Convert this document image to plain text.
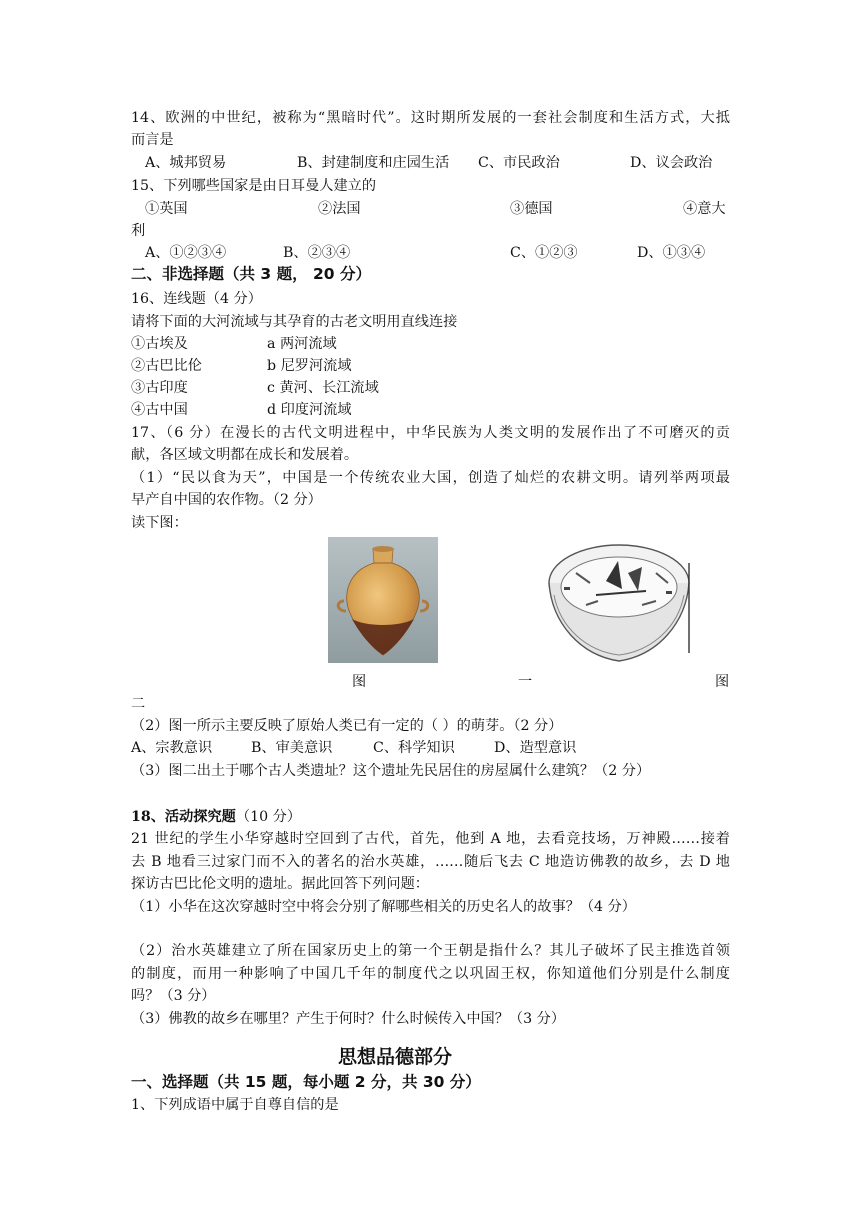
14、欧洲的中世纪，被称为“黑暗时代”。这时期所发展的一套社会制度和生活方式，大抵
而言是
A、城邦贸易	B、封建制度和庄园生活 C、市民政治	D、议会政治
15、下列哪些国家是由日耳曼人建立的
①英国	②法国	③德国	④意大
利
A、①②③④	B、②③④	C、①②③	D、①③④
二、非选择题（共 3 题， 20 分）
16、连线题（4 分）
请将下面的大河流域与其孕育的古老文明用直线连接
①古埃及	a 两河流域
②古巴比伦	b 尼罗河流域
③古印度	c 黄河、长江流域
④古中国	d 印度河流域
17、（6 分）在漫长的古代文明进程中，中华民族为人类文明的发展作出了不可磨灭的贡
献，各区域文明都在成长和发展着。
（1）“民以食为天”，中国是一个传统农业大国，创造了灿烂的农耕文明。请列举两项最
早产自中国的农作物。（2 分）
读下图：
图	一	图
二
（2）图一所示主要反映了原始人类已有一定的（ ）的萌芽。（2 分）
A、宗教意识	B、审美意识	C、科学知识	D、造型意识
（3）图二出土于哪个古人类遗址？这个遗址先民居住的房屋属什么建筑？（2 分）
18、活动探究题（10 分）
21 世纪的学生小华穿越时空回到了古代，首先，他到 A 地，去看竞技场，万神殿……接着
去 B 地看三过家门而不入的著名的治水英雄，……随后飞去 C 地造访佛教的故乡，去 D 地
探访古巴比伦文明的遗址。据此回答下列问题：
（1）小华在这次穿越时空中将会分别了解哪些相关的历史名人的故事？（4 分）
（2）治水英雄建立了所在国家历史上的第一个王朝是指什么？其儿子破坏了民主推选首领
的制度，而用一种影响了中国几千年的制度代之以巩固王权，你知道他们分别是什么制度
吗？（3 分）
（3）佛教的故乡在哪里？产生于何时？什么时候传入中国？（3 分）
思想品德部分
一、选择题（共 15 题，每小题 2 分，共 30 分）
1、下列成语中属于自尊自信的是
